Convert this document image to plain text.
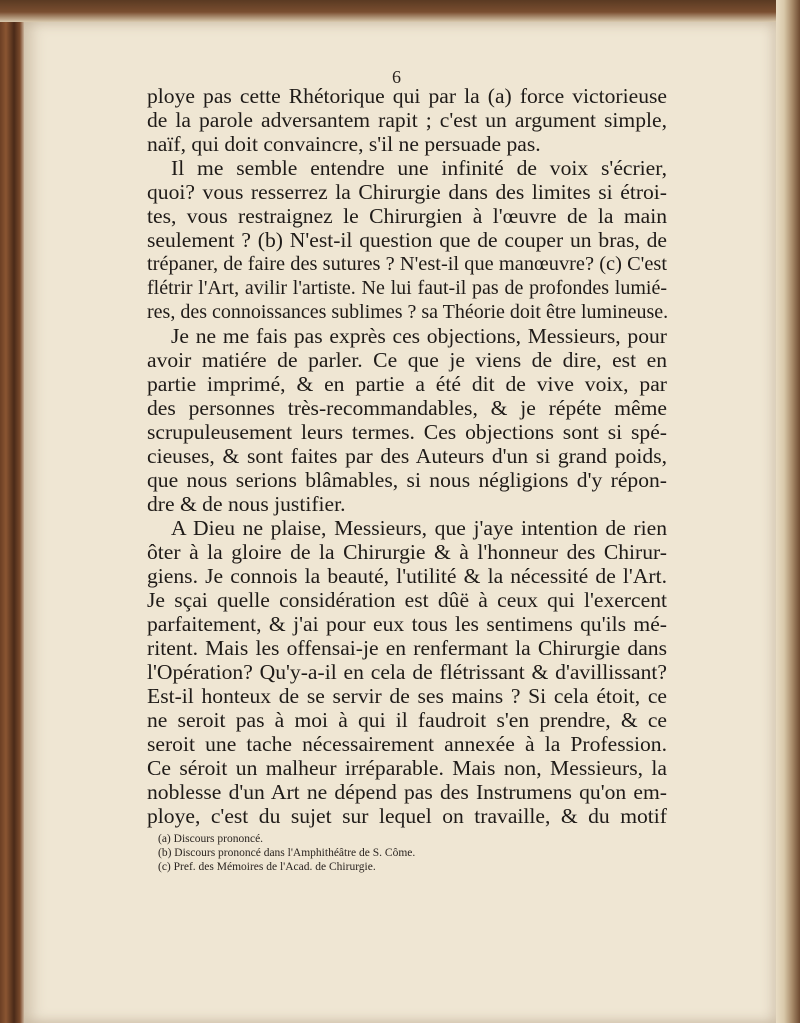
6
ploye pas cette Rhétorique qui par la (a) force victorieuse
de la parole adversantem rapit ; c'est un argument simple,
naïf, qui doit convaincre, s'il ne persuade pas.
Il me semble entendre une infinité de voix s'écrier,
quoi? vous resserrez la Chirurgie dans des limites si étroi-
tes, vous restraignez le Chirurgien à l'œuvre de la main
seulement ? (b) N'est-il question que de couper un bras, de
trépaner, de faire des sutures ? N'est-il que manœuvre? (c) C'est
flétrir l'Art, avilir l'artiste. Ne lui faut-il pas de profondes lumié-
res, des connoissances sublimes ? sa Théorie doit être lumineuse.
Je ne me fais pas exprès ces objections, Messieurs, pour
avoir matiére de parler. Ce que je viens de dire, est en
partie imprimé, & en partie a été dit de vive voix, par
des personnes très-recommandables, & je répéte même
scrupuleusement leurs termes. Ces objections sont si spé-
cieuses, & sont faites par des Auteurs d'un si grand poids,
que nous serions blâmables, si nous négligions d'y répon-
dre & de nous justifier.
A Dieu ne plaise, Messieurs, que j'aye intention de rien
ôter à la gloire de la Chirurgie & à l'honneur des Chirur-
giens. Je connois la beauté, l'utilité & la nécessité de l'Art.
Je sçai quelle considération est dûë à ceux qui l'exercent
parfaitement, & j'ai pour eux tous les sentimens qu'ils mé-
ritent. Mais les offensai-je en renfermant la Chirurgie dans
l'Opération? Qu'y-a-il en cela de flétrissant & d'avillissant?
Est-il honteux de se servir de ses mains ? Si cela étoit, ce
ne seroit pas à moi à qui il faudroit s'en prendre, & ce
seroit une tache nécessairement annexée à la Profession.
Ce séroit un malheur irréparable. Mais non, Messieurs, la
noblesse d'un Art ne dépend pas des Instrumens qu'on em-
ploye, c'est du sujet sur lequel on travaille, & du motif
(a) Discours prononcé.
(b) Discours prononcé dans l'Amphithéâtre de S. Côme.
(c) Pref. des Mémoires de l'Acad. de Chirurgie.
